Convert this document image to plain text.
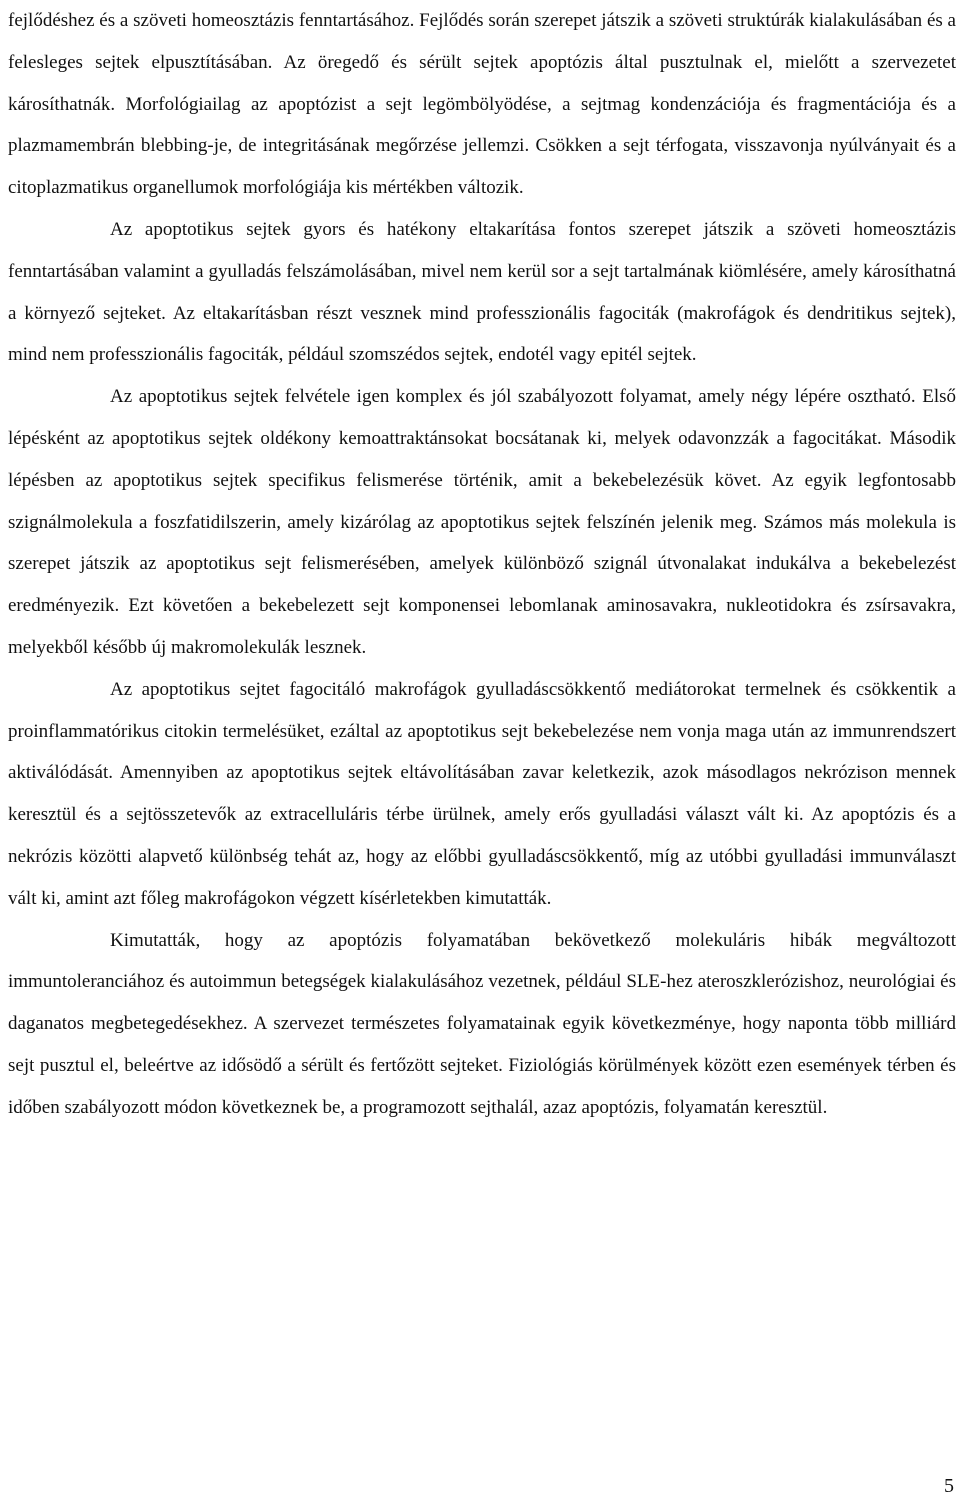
fejlődéshez és a szöveti homeosztázis fenntartásához. Fejlődés során szerepet játszik a szöveti struktúrák kialakulásában és a felesleges sejtek elpusztításában. Az öregedő és sérült sejtek apoptózis által pusztulnak el, mielőtt a szervezetet károsíthatnák. Morfológiailag az apoptózist a sejt legömbölyödése, a sejtmag kondenzációja és fragmentációja és a plazmamembrán blebbing-je, de integritásának megőrzése jellemzi. Csökken a sejt térfogata, visszavonja nyúlványait és a citoplazmatikus organellumok morfológiája kis mértékben változik.

Az apoptotikus sejtek gyors és hatékony eltakarítása fontos szerepet játszik a szöveti homeosztázis fenntartásában valamint a gyulladás felszámolásában, mivel nem kerül sor a sejt tartalmának kiömlésére, amely károsíthatná a környező sejteket. Az eltakarításban részt vesznek mind professzionális fagociták (makrofágok és dendritikus sejtek), mind nem professzionális fagociták, például szomszédos sejtek, endotél vagy epitél sejtek.

Az apoptotikus sejtek felvétele igen komplex és jól szabályozott folyamat, amely négy lépére osztható. Első lépésként az apoptotikus sejtek oldékony kemoattraktánsokat bocsátanak ki, melyek odavonzzák a fagocitákat. Második lépésben az apoptotikus sejtek specifikus felismerése történik, amit a bekebelezésük követ. Az egyik legfontosabb szignálmolekula a foszfatidilszerin, amely kizárólag az apoptotikus sejtek felszínén jelenik meg. Számos más molekula is szerepet játszik az apoptotikus sejt felismerésében, amelyek különböző szignál útvonalakat indukálva a bekebelezést eredményezik. Ezt követően a bekebelezett sejt komponensei lebomlanak aminosavakra, nukleotidokra és zsírsavakra, melyekből később új makromolekulák lesznek.

Az apoptotikus sejtet fagocitáló makrofágok gyulladáscsökkentő mediátorokat termelnek és csökkentik a proinflammatórikus citokin termelésüket, ezáltal az apoptotikus sejt bekebelezése nem vonja maga után az immunrendszert aktiválódását. Amennyiben az apoptotikus sejtek eltávolításában zavar keletkezik, azok másodlagos nekrózison mennek keresztül és a sejtösszetevők az extracelluláris térbe ürülnek, amely erős gyulladási választ vált ki. Az apoptózis és a nekrózis közötti alapvető különbség tehát az, hogy az előbbi gyulladáscsökkentő, míg az utóbbi gyulladási immunválaszt vált ki, amint azt főleg makrofágokon végzett kísérletekben kimutatták.

Kimutatták, hogy az apoptózis folyamatában bekövetkező molekuláris hibák megváltozott immuntoleranciához és autoimmun betegségek kialakulásához vezetnek, például SLE-hez ateroszklerózishoz, neurológiai és daganatos megbetegedésekhez. A szervezet természetes folyamatainak egyik következménye, hogy naponta több milliárd sejt pusztul el, beleértve az idősödő a sérült és fertőzött sejteket. Fiziológiás körülmények között ezen események térben és időben szabályozott módon következnek be, a programozott sejthalál, azaz apoptózis, folyamatán keresztül.

5
